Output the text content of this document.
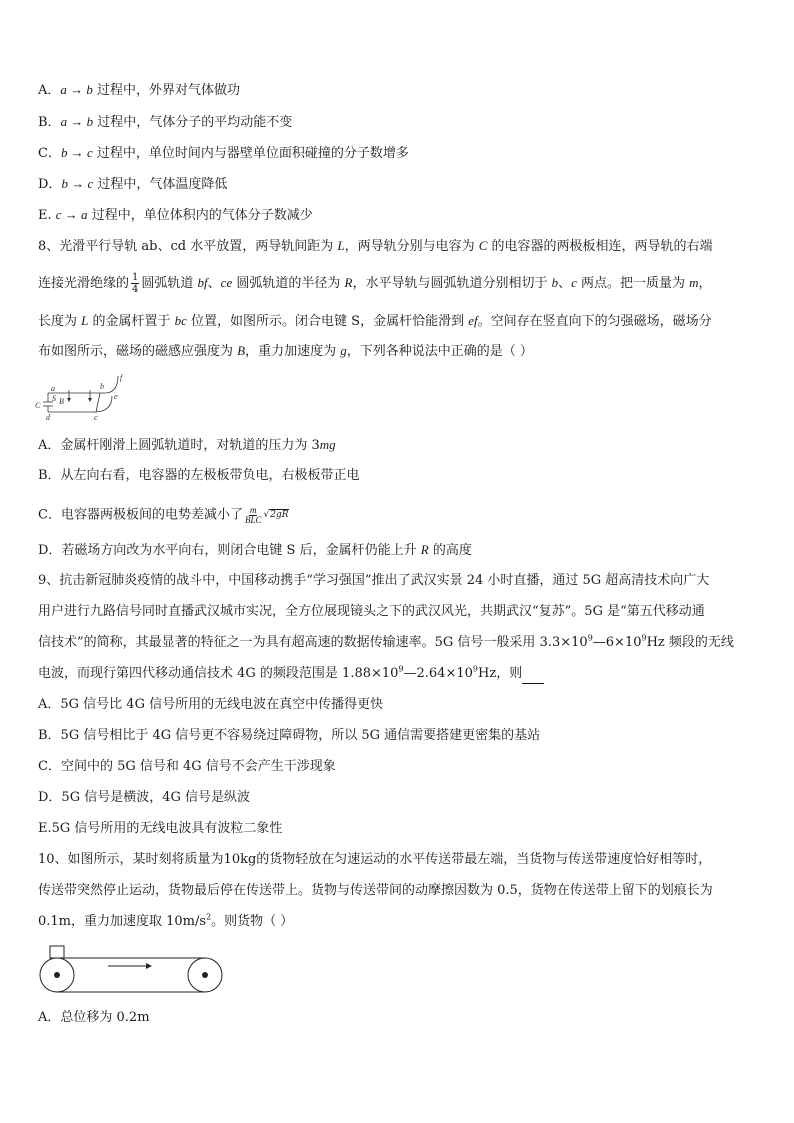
A．a → b 过程中，外界对气体做功
B．a → b 过程中，气体分子的平均动能不变
C．b → c 过程中，单位时间内与器壁单位面积碰撞的分子数增多
D．b → c 过程中，气体温度降低
E. c → a 过程中，单位体积内的气体分子数减少
8、光滑平行导轨 ab、cd 水平放置，两导轨间距为 L，两导轨分别与电容为 C 的电容器的两极板相连，两导轨的右端
连接光滑绝缘的 $\frac{1}{4}$ 圆弧轨道 bf、ce 圆弧轨道的半径为 R，水平导轨与圆弧轨道分别相切于 b、c 两点。把一质量为 m，
长度为 L 的金属杆置于 bc 位置，如图所示。闭合电键 S，金属杆恰能滑到 ef。空间存在竖直向下的匀强磁场，磁场分
布如图所示，磁场的磁感应强度为 B，重力加速度为 g，下列各种说法中正确的是（ ）
C
a
S B
b
f
e
c
d
A．金属杆刚滑上圆弧轨道时，对轨道的压力为 3mg
B．从左向右看，电容器的左极板带负电，右极板带正电
C．电容器两极板间的电势差减小了 $\frac{m}{\text{BLC}} √2gR$
D．若磁场方向改为水平向右，则闭合电键 S 后，金属杆仍能上升 R 的高度
9、抗击新冠肺炎疫情的战斗中，中国移动携手“学习强国”推出了武汉实景 24 小时直播，通过 5G 超高清技术向广大
用户进行九路信号同时直播武汉城市实况，全方位展现镜头之下的武汉风光，共期武汉“复苏”。5G 是“第五代移动通
信技术”的简称，其最显著的特征之一为具有超高速的数据传输速率。5G 信号一般采用 $3.3\times 10^9—6\times 10^9Hz$ 频段的无线
电波，而现行第四代移动通信技术 4G 的频段范围是 $1.88\times 10^9—2.64\times 10^9Hz$，则
A．5G 信号比 4G 信号所用的无线电波在真空中传播得更快
B．5G 信号相比于 4G 信号更不容易绕过障碍物，所以 5G 通信需要搭建更密集的基站
C．空间中的 5G 信号和 4G 信号不会产生干涉现象
D．5G 信号是横波，4G 信号是纵波
E.5G 信号所用的无线电波具有波粒二象性
10、如图所示，某时刻将质量为10kg的货物轻放在匀速运动的水平传送带最左端，当货物与传送带速度恰好相等时，
传送带突然停止运动，货物最后停在传送带上。货物与传送带间的动摩擦因数为 0.5，货物在传送带上留下的划痕长为
0.1m，重力加速度取 $10m/s^2$。则货物（ ）
A．总位移为 0.2m
